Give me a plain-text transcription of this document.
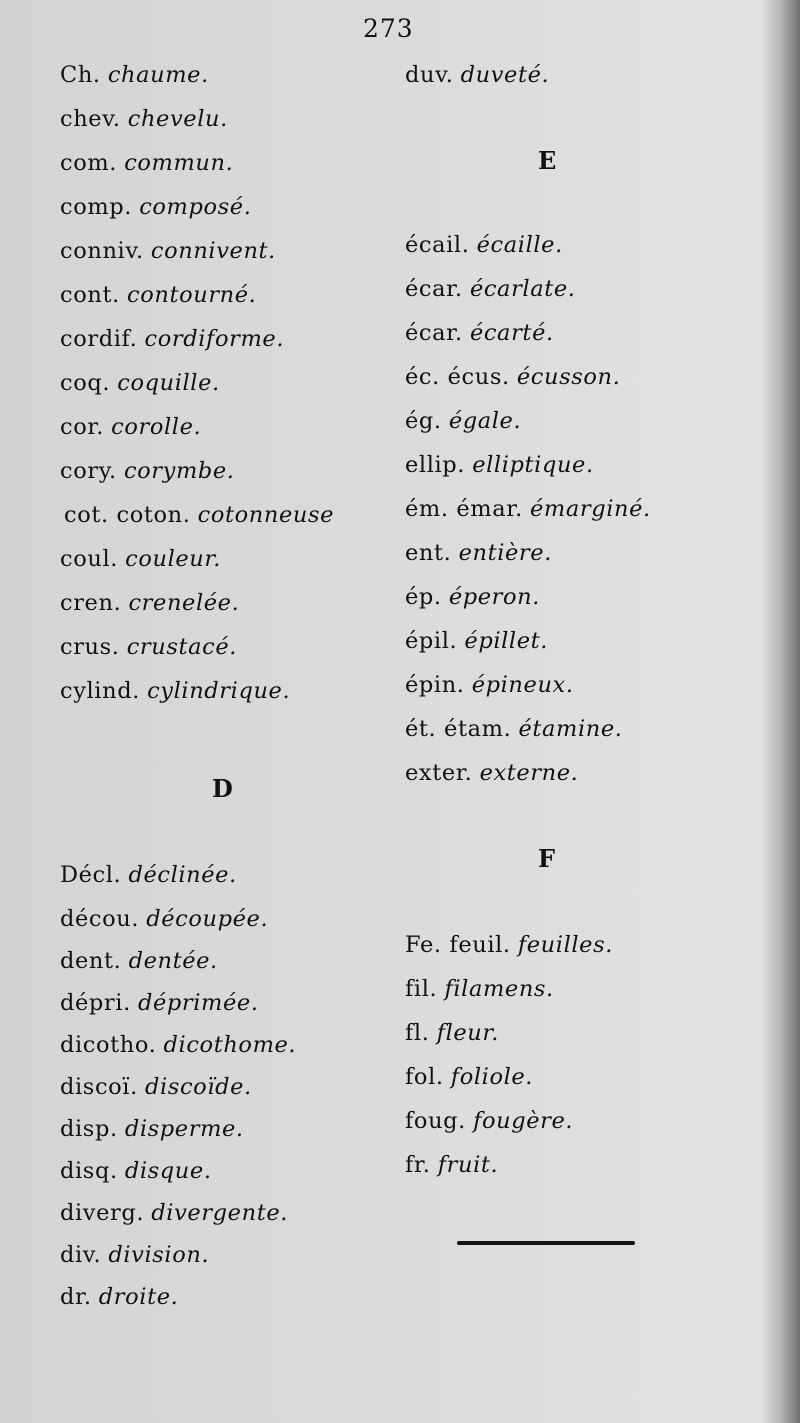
273
Ch. chaume.
chev. chevelu.
com. commun.
comp. composé.
conniv. connivent.
cont. contourné.
cordif. cordiforme.
coq. coquille.
cor. corolle.
cory. corymbe.
cot. coton. cotonneuse
coul. couleur.
cren. crenelée.
crus. crustacé.
cylind. cylindrique.
D
Décl. déclinée.
décou. découpée.
dent. dentée.
dépri. déprimée.
dicotho. dicothome.
discoï. discoïde.
disp. disperme.
disq. disque.
diverg. divergente.
div. division.
dr. droite.
duv. duveté.
E
écail. écaille.
écar. écarlate.
écar. écarté.
éc. écus. écusson.
ég. égale.
ellip. elliptique.
ém. émar. émarginé.
ent. entière.
ép. éperon.
épil. épillet.
épin. épineux.
ét. étam. étamine.
exter. externe.
F
Fe. feuil. feuilles.
fil. filamens.
fl. fleur.
fol. foliole.
foug. fougère.
fr. fruit.
